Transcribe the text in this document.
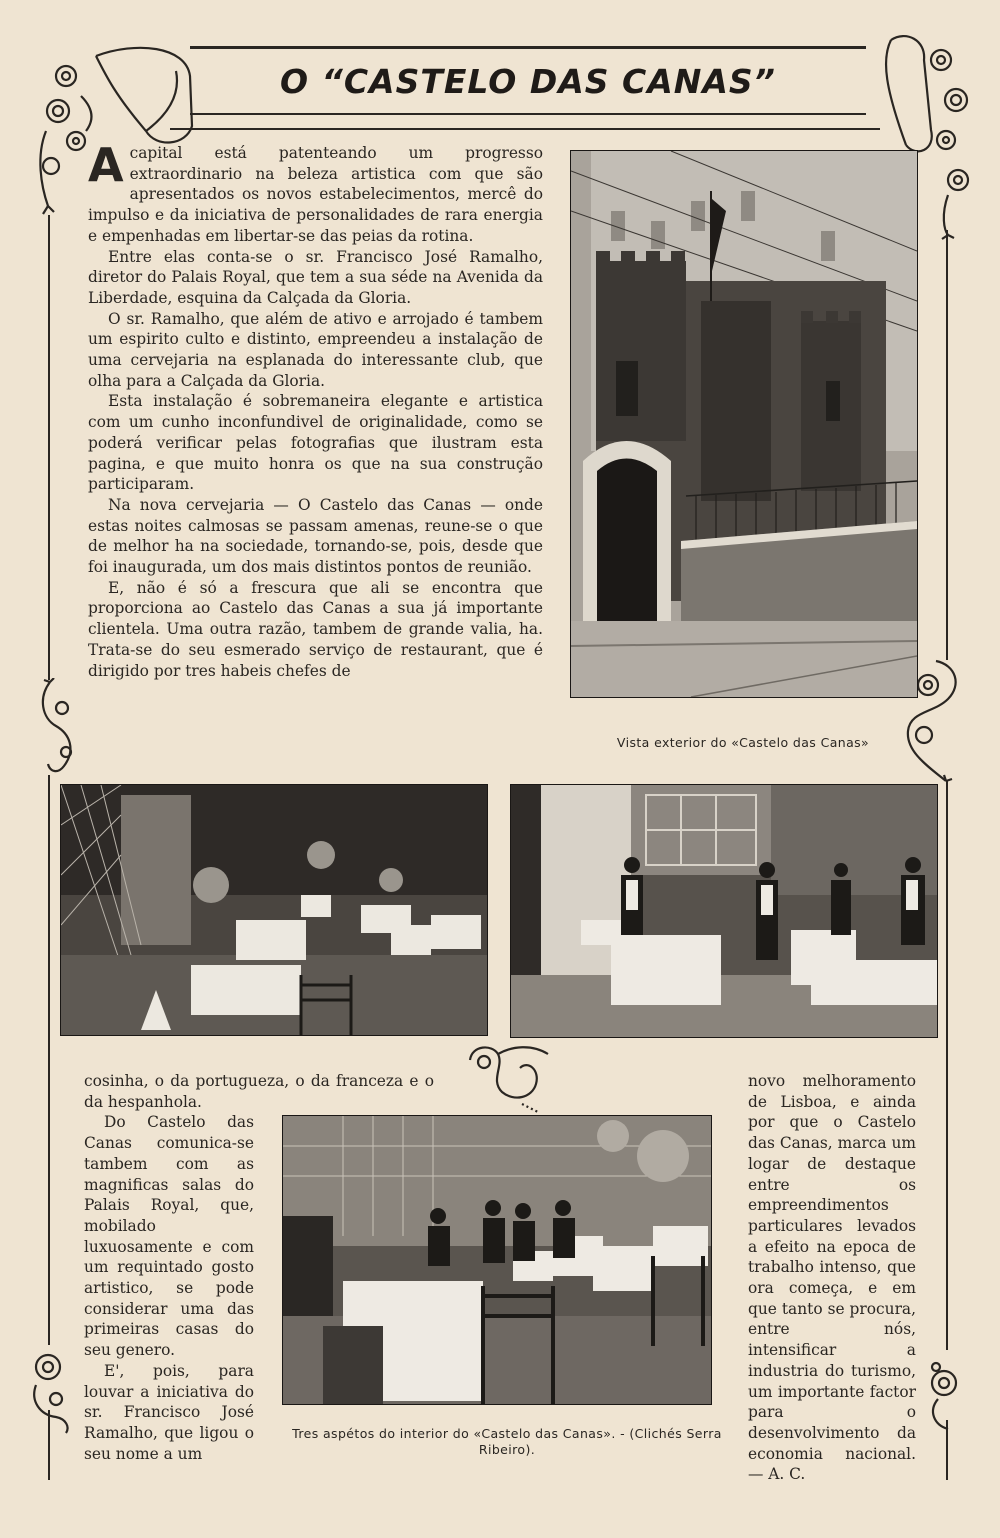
O “CASTELO DAS CANAS”

Acapital está patenteando um progresso extraordinario na beleza artistica com que são apresentados os novos estabelecimentos, mercê do impulso e da iniciativa de personalidades de rara energia e empenhadas em libertar-se das peias da rotina.

Entre elas conta-se o sr. Francisco José Ramalho, diretor do Palais Royal, que tem a sua séde na Avenida da Liberdade, esquina da Calçada da Gloria.

O sr. Ramalho, que além de ativo e arrojado é tambem um espirito culto e distinto, empreendeu a instalação de uma cervejaria na esplanada do interessante club, que olha para a Calçada da Gloria.

Esta instalação é sobremaneira elegante e artistica com um cunho inconfundivel de originalidade, como se poderá verificar pelas fotografias que ilustram esta pagina, e que muito honra os que na sua construção participaram.

Na nova cervejaria — O Castelo das Canas — onde estas noites calmosas se passam amenas, reune-se o que de melhor ha na sociedade, tornando-se, pois, desde que foi inaugurada, um dos mais distintos pontos de reunião.

E, não é só a frescura que ali se encontra que proporciona ao Castelo das Canas a sua já importante clientela. Uma outra razão, tambem de grande valia, ha. Trata-se do seu esmerado serviço de restaurant, que é dirigido por tres habeis chefes de

Vista exterior do «Castelo das Canas»

cosinha, o da portugueza, o da franceza e o da hespanhola.

Do Castelo das Canas comunica-se tambem com as magnificas salas do Palais Royal, que, mobilado luxuosamente e com um requintado gosto artistico, se pode considerar uma das primeiras casas do seu genero.

E', pois, para louvar a iniciativa do sr. Francisco José Ramalho, que ligou o seu nome a um

Tres aspétos do interior do «Castelo das Canas». - (Clichés Serra Ribeiro).

novo melhoramento de Lisboa, e ainda por que o Castelo das Canas, marca um logar de destaque entre os empreendimentos particulares levados a efeito na epoca de trabalho intenso, que ora começa, e em que tanto se procura, entre nós, intensificar a industria do turismo, um importante factor para o desenvolvimento da economia nacional. — A. C.
